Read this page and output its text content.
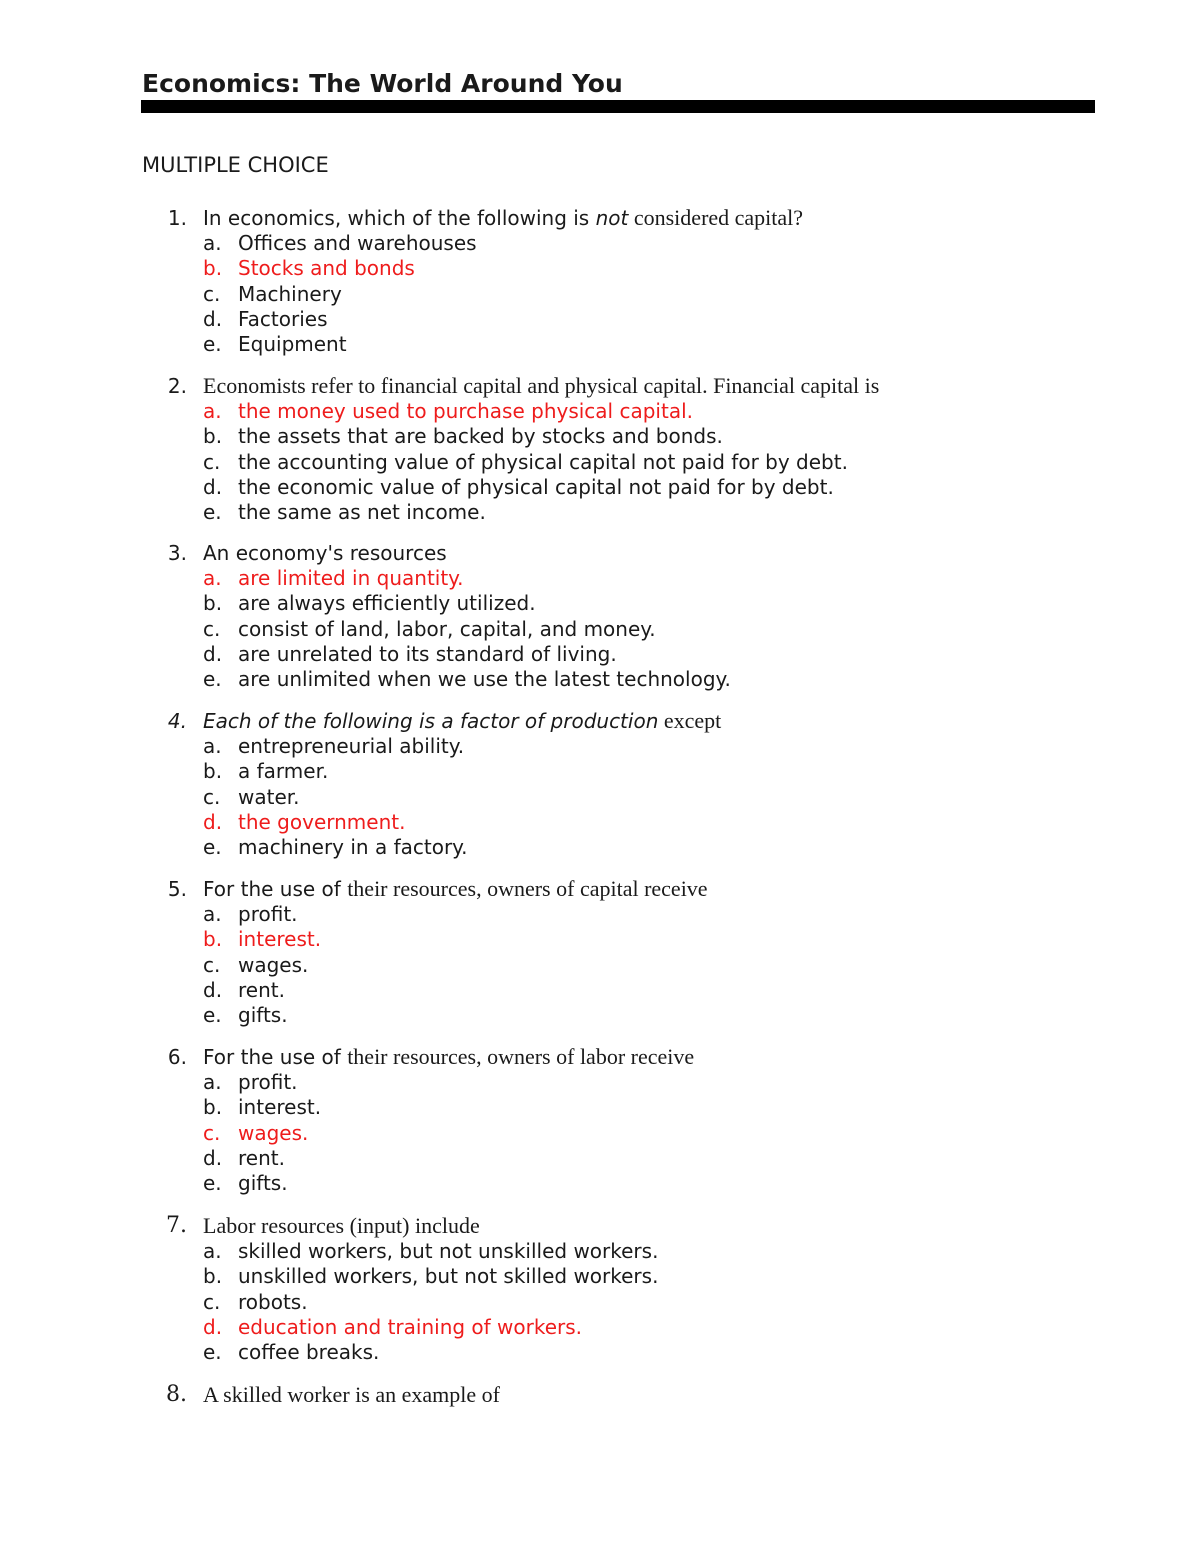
Economics: The World Around You
MULTIPLE CHOICE
1. In economics, which of the following is not considered capital?
a. Offices and warehouses
b. Stocks and bonds
c. Machinery
d. Factories
e. Equipment
2. Economists refer to financial capital and physical capital. Financial capital is
a. the money used to purchase physical capital.
b. the assets that are backed by stocks and bonds.
c. the accounting value of physical capital not paid for by debt.
d. the economic value of physical capital not paid for by debt.
e. the same as net income.
3. An economy's resources
a. are limited in quantity.
b. are always efficiently utilized.
c. consist of land, labor, capital, and money.
d. are unrelated to its standard of living.
e. are unlimited when we use the latest technology.
4. Each of the following is a factor of production except
a. entrepreneurial ability.
b. a farmer.
c. water.
d. the government.
e. machinery in a factory.
5. For the use of their resources, owners of capital receive
a. profit.
b. interest.
c. wages.
d. rent.
e. gifts.
6. For the use of their resources, owners of labor receive
a. profit.
b. interest.
c. wages.
d. rent.
e. gifts.
7. Labor resources (input) include
a. skilled workers, but not unskilled workers.
b. unskilled workers, but not skilled workers.
c. robots.
d. education and training of workers.
e. coffee breaks.
8. A skilled worker is an example of
